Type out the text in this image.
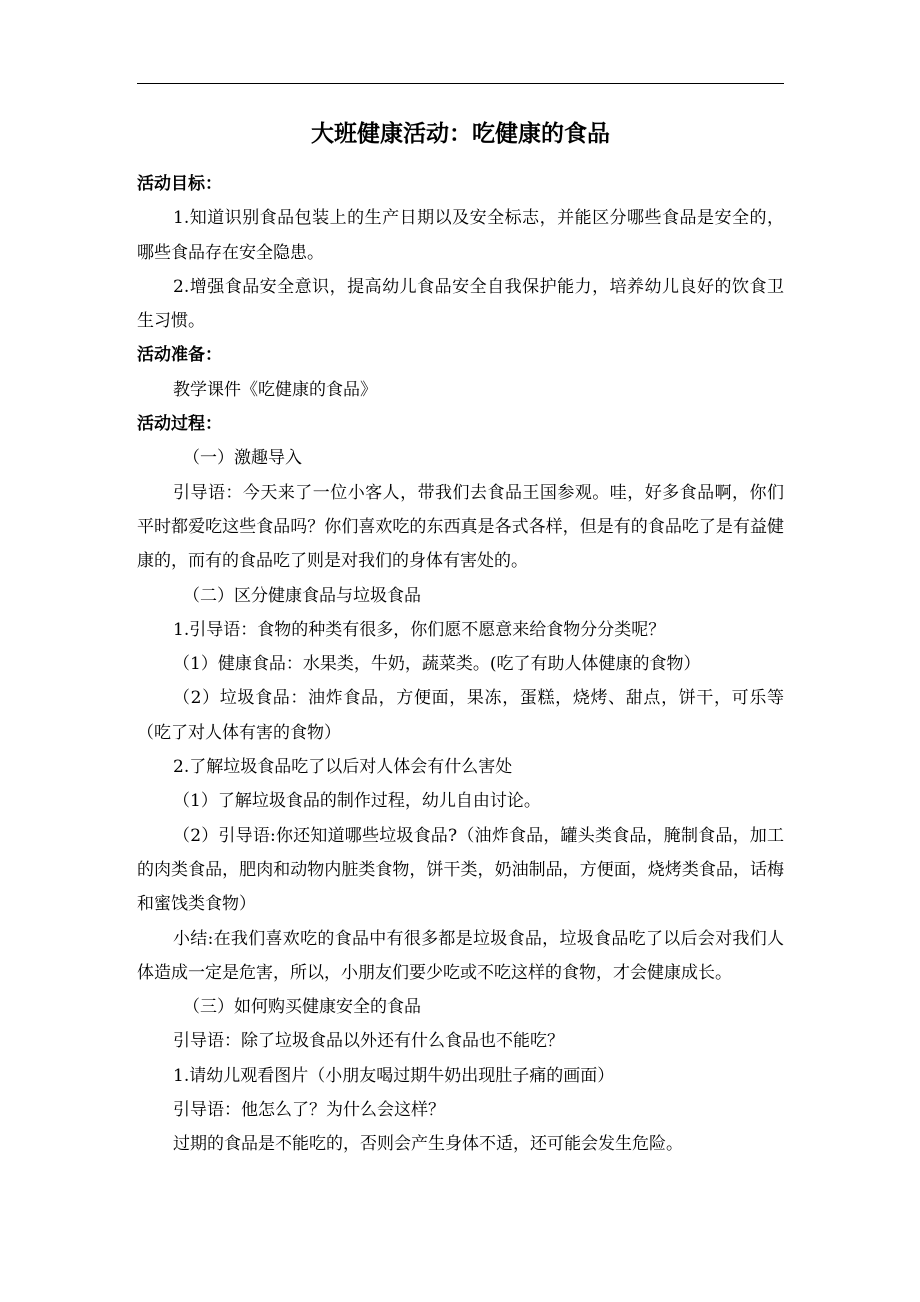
大班健康活动：吃健康的食品

活动目标：

1.知道识别食品包装上的生产日期以及安全标志，并能区分哪些食品是安全的，哪些食品存在安全隐患。

2.增强食品安全意识，提高幼儿食品安全自我保护能力，培养幼儿良好的饮食卫生习惯。

活动准备：

教学课件《吃健康的食品》

活动过程：

（一）激趣导入

引导语：今天来了一位小客人，带我们去食品王国参观。哇，好多食品啊，你们平时都爱吃这些食品吗？你们喜欢吃的东西真是各式各样，但是有的食品吃了是有益健康的，而有的食品吃了则是对我们的身体有害处的。

（二）区分健康食品与垃圾食品

1.引导语：食物的种类有很多，你们愿不愿意来给食物分分类呢？

（1）健康食品：水果类，牛奶，蔬菜类。(吃了有助人体健康的食物）

（2）垃圾食品：油炸食品，方便面，果冻，蛋糕，烧烤、甜点，饼干，可乐等（吃了对人体有害的食物）

2.了解垃圾食品吃了以后对人体会有什么害处

（1）了解垃圾食品的制作过程，幼儿自由讨论。

（2）引导语:你还知道哪些垃圾食品?（油炸食品，罐头类食品，腌制食品，加工的肉类食品，肥肉和动物内脏类食物，饼干类，奶油制品，方便面，烧烤类食品，话梅和蜜饯类食物）

小结:在我们喜欢吃的食品中有很多都是垃圾食品，垃圾食品吃了以后会对我们人体造成一定是危害，所以，小朋友们要少吃或不吃这样的食物，才会健康成长。

（三）如何购买健康安全的食品

引导语：除了垃圾食品以外还有什么食品也不能吃？

1.请幼儿观看图片（小朋友喝过期牛奶出现肚子痛的画面）

引导语：他怎么了？为什么会这样？

过期的食品是不能吃的，否则会产生身体不适，还可能会发生危险。
